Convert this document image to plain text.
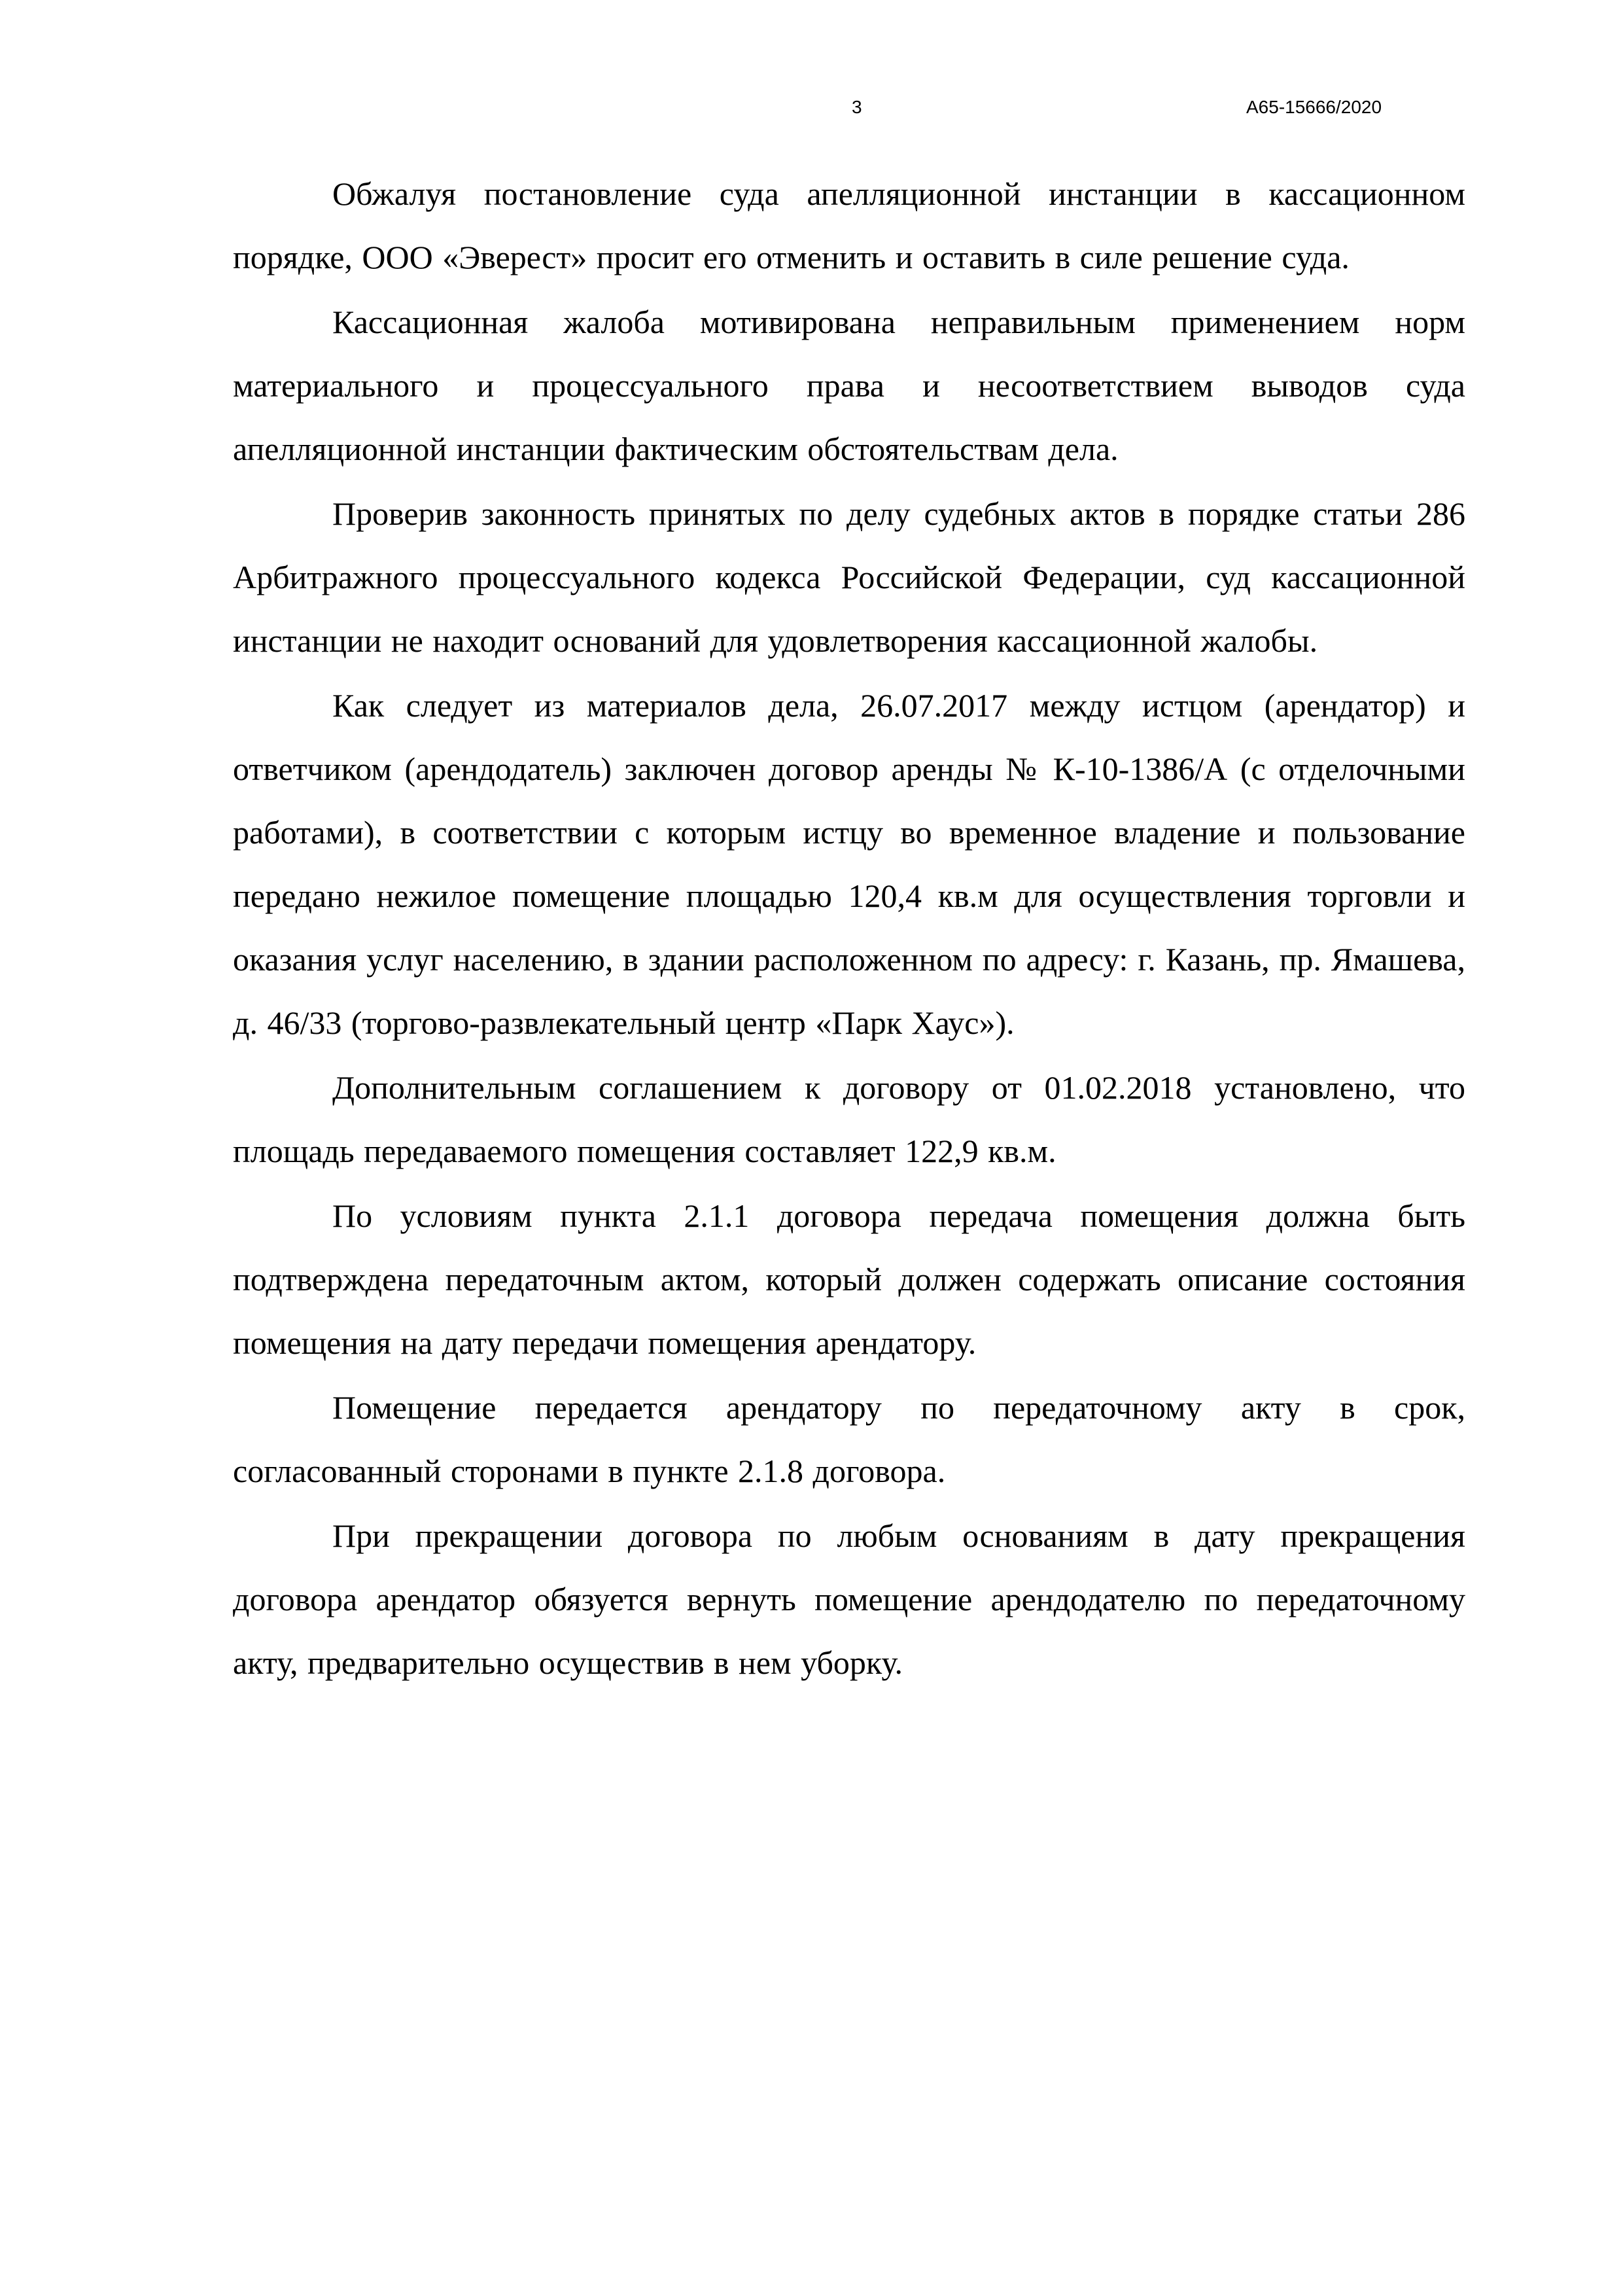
3	А65-15666/2020

Обжалуя постановление суда апелляционной инстанции в кассационном порядке, ООО «Эверест» просит его отменить и оставить в силе решение суда.

Кассационная жалоба мотивирована неправильным применением норм материального и процессуального права и несоответствием выводов суда апелляционной инстанции фактическим обстоятельствам дела.

Проверив законность принятых по делу судебных актов в порядке статьи 286 Арбитражного процессуального кодекса Российской Федерации, суд кассационной инстанции не находит оснований для удовлетворения кассационной жалобы.

Как следует из материалов дела, 26.07.2017 между истцом (арендатор) и ответчиком (арендодатель) заключен договор аренды № К-10-1386/А (с отделочными работами), в соответствии с которым истцу во временное владение и пользование передано нежилое помещение площадью 120,4 кв.м для осуществления торговли и оказания услуг населению, в здании расположенном по адресу: г. Казань, пр. Ямашева, д. 46/33 (торгово-развлекательный центр «Парк Хаус»).

Дополнительным соглашением к договору от 01.02.2018 установлено, что площадь передаваемого помещения составляет 122,9 кв.м.

По условиям пункта 2.1.1 договора передача помещения должна быть подтверждена передаточным актом, который должен содержать описание состояния помещения на дату передачи помещения арендатору.

Помещение передается арендатору по передаточному акту в срок, согласованный сторонами в пункте 2.1.8 договора.

При прекращении договора по любым основаниям в дату прекращения договора арендатор обязуется вернуть помещение арендодателю по передаточному акту, предварительно осуществив в нем уборку.
